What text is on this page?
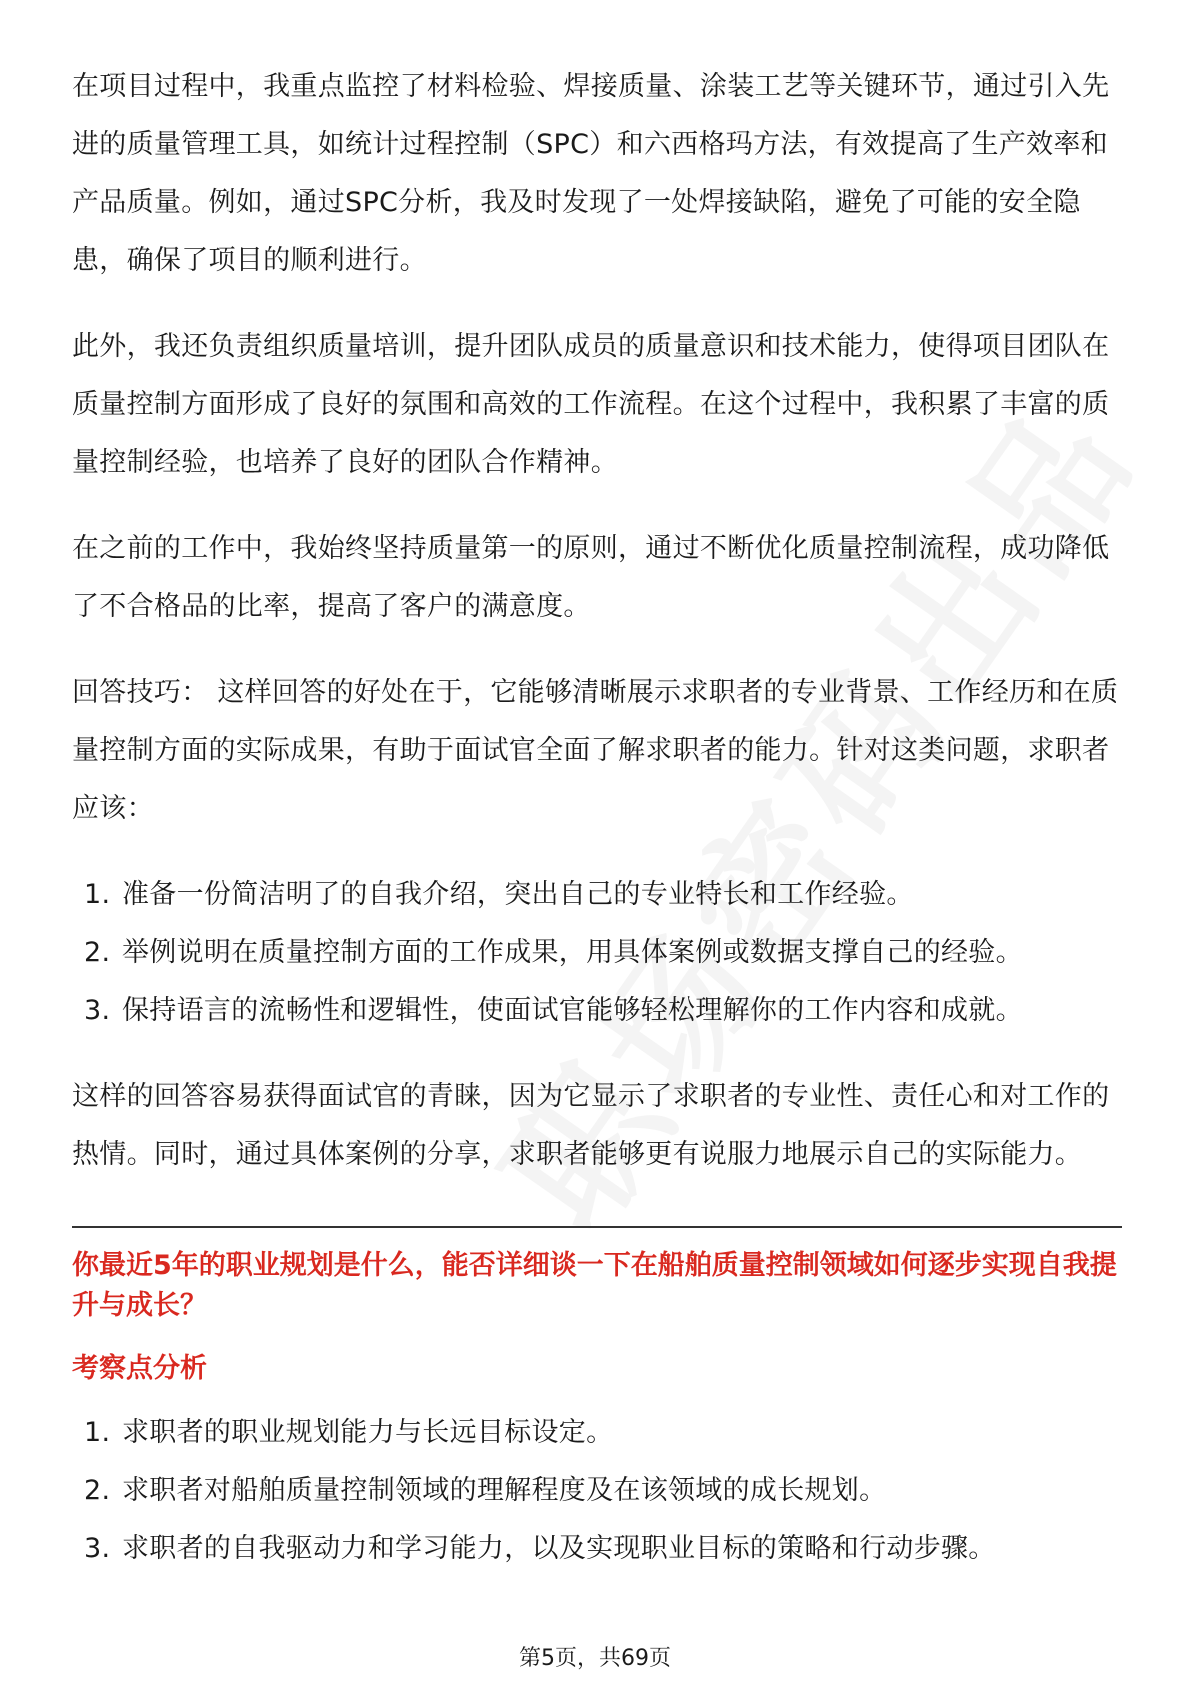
在项目过程中，我重点监控了材料检验、焊接质量、涂装工艺等关键环节，通过引入先进的质量管理工具，如统计过程控制（SPC）和六西格玛方法，有效提高了生产效率和产品质量。例如，通过SPC分析，我及时发现了一处焊接缺陷，避免了可能的安全隐患，确保了项目的顺利进行。

此外，我还负责组织质量培训，提升团队成员的质量意识和技术能力，使得项目团队在质量控制方面形成了良好的氛围和高效的工作流程。在这个过程中，我积累了丰富的质量控制经验，也培养了良好的团队合作精神。

在之前的工作中，我始终坚持质量第一的原则，通过不断优化质量控制流程，成功降低了不合格品的比率，提高了客户的满意度。

回答技巧： 这样回答的好处在于，它能够清晰展示求职者的专业背景、工作经历和在质量控制方面的实际成果，有助于面试官全面了解求职者的能力。针对这类问题，求职者应该：

1. 准备一份简洁明了的自我介绍，突出自己的专业特长和工作经验。
2. 举例说明在质量控制方面的工作成果，用具体案例或数据支撑自己的经验。
3. 保持语言的流畅性和逻辑性，使面试官能够轻松理解你的工作内容和成就。

这样的回答容易获得面试官的青睐，因为它显示了求职者的专业性、责任心和对工作的热情。同时，通过具体案例的分享，求职者能够更有说服力地展示自己的实际能力。

你最近5年的职业规划是什么，能否详细谈一下在船舶质量控制领域如何逐步实现自我提升与成长？
考察点分析
1. 求职者的职业规划能力与长远目标设定。
2. 求职者对船舶质量控制领域的理解程度及在该领域的成长规划。
3. 求职者的自我驱动力和学习能力，以及实现职业目标的策略和行动步骤。
第5页，共69页
